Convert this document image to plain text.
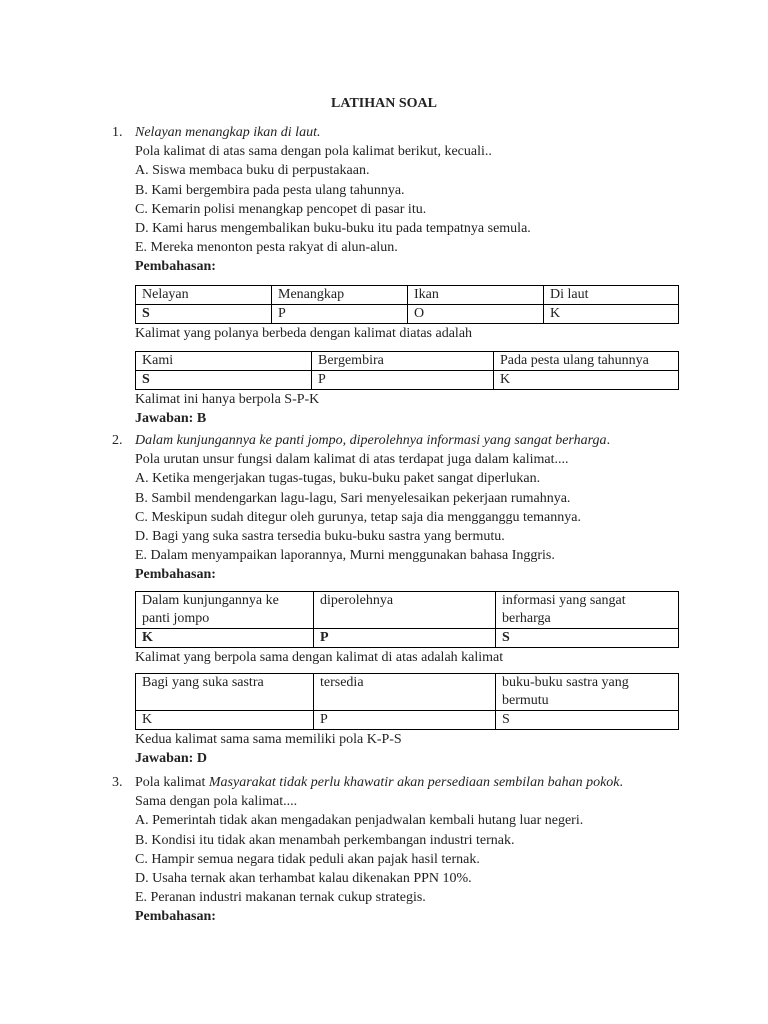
LATIHAN SOAL
1. Nelayan menangkap ikan di laut.
Pola kalimat di atas sama dengan pola kalimat berikut, kecuali..
A. Siswa membaca buku di perpustakaan.
B. Kami bergembira pada pesta ulang tahunnya.
C. Kemarin polisi menangkap pencopet di pasar itu.
D. Kami harus mengembalikan buku-buku itu pada tempatnya semula.
E. Mereka menonton pesta rakyat di alun-alun.
Pembahasan:
Nelayan	Menangkap	Ikan	Di laut
S	P	O	K
Kalimat yang polanya berbeda dengan kalimat diatas adalah
Kami	Bergembira	Pada pesta ulang tahunnya
S	P	K
Kalimat ini hanya berpola S-P-K
Jawaban: B
2. Dalam kunjungannya ke panti jompo, diperolehnya informasi yang sangat berharga.
Pola urutan unsur fungsi dalam kalimat di atas terdapat juga dalam kalimat....
A. Ketika mengerjakan tugas-tugas, buku-buku paket sangat diperlukan.
B. Sambil mendengarkan lagu-lagu, Sari menyelesaikan pekerjaan rumahnya.
C. Meskipun sudah ditegur oleh gurunya, tetap saja dia mengganggu temannya.
D. Bagi yang suka sastra tersedia buku-buku sastra yang bermutu.
E. Dalam menyampaikan laporannya, Murni menggunakan bahasa Inggris.
Pembahasan:
Dalam kunjungannya ke panti jompo	diperolehnya	informasi yang sangat berharga
K	P	S
Kalimat yang berpola sama dengan kalimat di atas adalah kalimat
Bagi yang suka sastra	tersedia	buku-buku sastra yang bermutu
K	P	S
Kedua kalimat sama sama memiliki pola K-P-S
Jawaban: D
3. Pola kalimat Masyarakat tidak perlu khawatir akan persediaan sembilan bahan pokok.
Sama dengan pola kalimat....
A. Pemerintah tidak akan mengadakan penjadwalan kembali hutang luar negeri.
B. Kondisi itu tidak akan menambah perkembangan industri ternak.
C. Hampir semua negara tidak peduli akan pajak hasil ternak.
D. Usaha ternak akan terhambat kalau dikenakan PPN 10%.
E. Peranan industri makanan ternak cukup strategis.
Pembahasan:
